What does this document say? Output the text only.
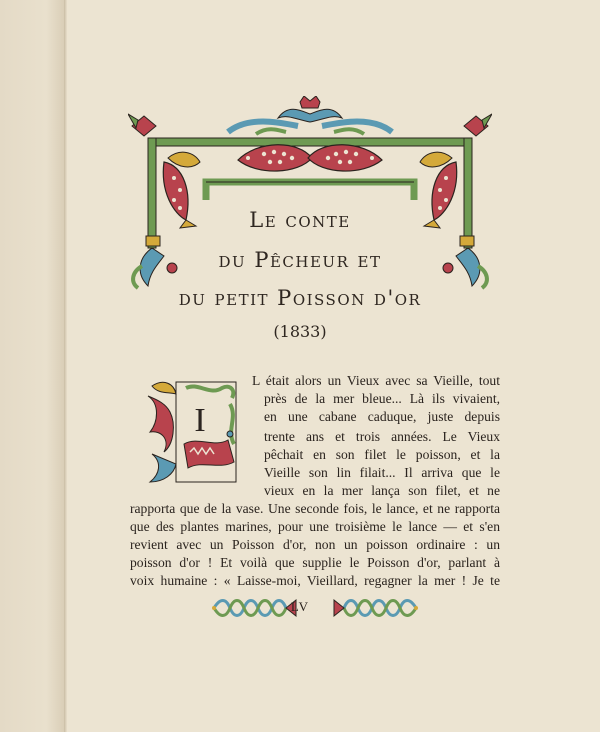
Le conte
du Pêcheur et
du petit Poisson d'or
(1833)
I
L était alors un Vieux avec sa Vieille, tout
près de la mer bleue... Là ils vivaient,
en une cabane caduque, juste depuis
trente ans et trois années. Le Vieux
pêchait en son filet le poisson, et la
Vieille son lin filait... Il arriva que le
vieux en la mer lança son filet, et ne
rapporta que de la vase. Une seconde fois, le lance, et ne rapporta
que des plantes marines, pour une troisième le lance — et s'en
revient avec un Poisson d'or, non un poisson ordinaire : un
poisson d'or ! Et voilà que supplie le Poisson d'or, parlant à
voix humaine : « Laisse-moi, Vieillard, regagner la mer ! Je te
LV
